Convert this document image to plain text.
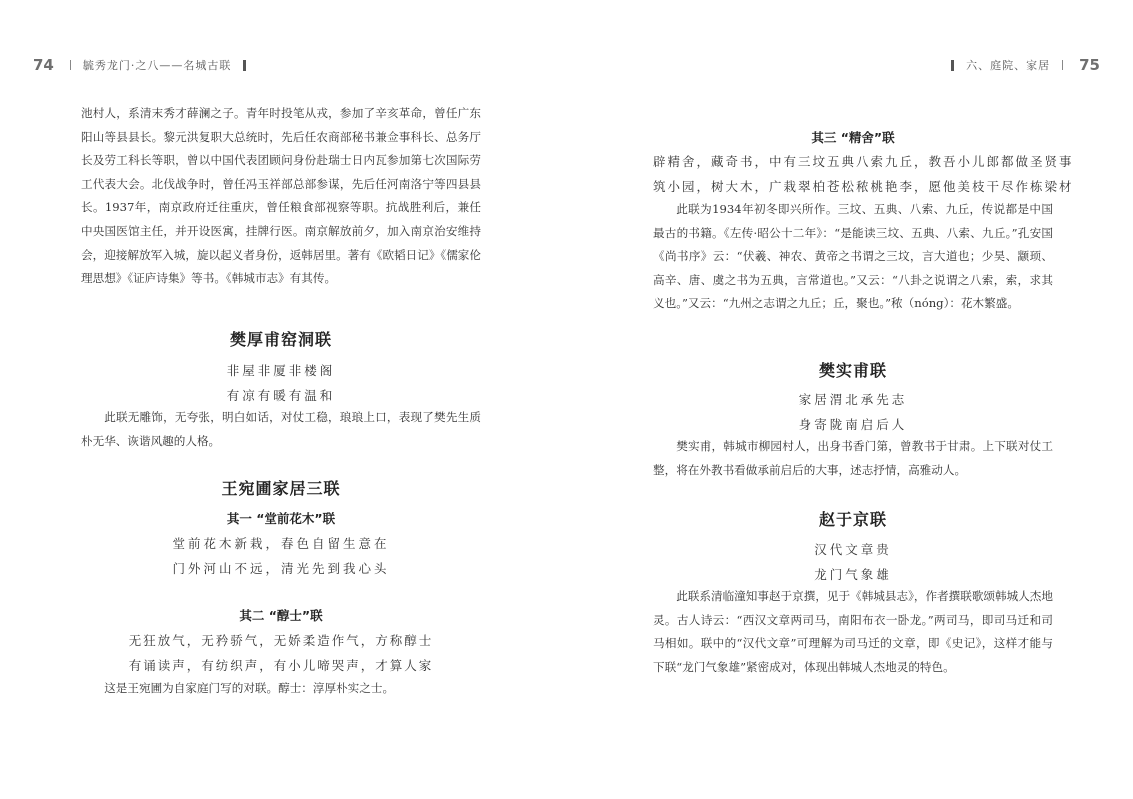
74	毓秀龙门·之八——名城古联
池村人，系清末秀才薛澜之子。青年时投笔从戎，参加了辛亥革命，曾任广东阳山等县县长。黎元洪复职大总统时，先后任农商部秘书兼佥事科长、总务厅长及劳工科长等职，曾以中国代表团顾问身份赴瑞士日内瓦参加第七次国际劳工代表大会。北伐战争时，曾任冯玉祥部总部参谋，先后任河南洛宁等四县县长。1937年，南京政府迁往重庆，曾任粮食部视察等职。抗战胜利后，兼任中央国医馆主任，并开设医寓，挂牌行医。南京解放前夕，加入南京治安维持会，迎接解放军入城，旋以起义者身份，返韩居里。著有《欧韬日记》《儒家伦理思想》《证庐诗集》等书。《韩城市志》有其传。
樊厚甫窑洞联
非屋非厦非楼阁
有凉有暖有温和
此联无雕饰，无夸张，明白如话，对仗工稳，琅琅上口，表现了樊先生质朴无华、诙谐风趣的人格。
王宛圃家居三联
其一 “堂前花木”联
堂前花木新栽，春色自留生意在
门外河山不远，清光先到我心头
其二 “醇士”联
无狂放气，无矜骄气，无娇柔造作气，方称醇士
有诵读声，有纺织声，有小儿啼哭声，才算人家
这是王宛圃为自家庭门写的对联。醇士：淳厚朴实之士。
六、庭院、家居 75
其三 “精舍”联
辟精舍，藏奇书，中有三坟五典八索九丘，教吾小儿郎都做圣贤事
筑小园，树大木，广栽翠柏苍松秾桃艳李，愿他美枝干尽作栋梁材
此联为1934年初冬即兴所作。三坟、五典、八索、九丘，传说都是中国最古的书籍。《左传·昭公十二年》：“是能读三坟、五典、八索、九丘。”孔安国《尚书序》云：“伏羲、神农、黄帝之书谓之三坟，言大道也；少昊、颛顼、高辛、唐、虞之书为五典，言常道也。”又云：“八卦之说谓之八索，索，求其义也。”又云：“九州之志谓之九丘；丘，聚也。”秾（nóng）：花木繁盛。
樊实甫联
家居渭北承先志
身寄陇南启后人
樊实甫，韩城市柳园村人，出身书香门第，曾教书于甘肃。上下联对仗工整，将在外教书看做承前启后的大事，述志抒情，高雅动人。
赵于京联
汉代文章贵
龙门气象雄
此联系清临潼知事赵于京撰，见于《韩城县志》，作者撰联歌颂韩城人杰地灵。古人诗云：“西汉文章两司马，南阳布衣一卧龙。”两司马，即司马迁和司马相如。联中的“汉代文章”可理解为司马迁的文章，即《史记》，这样才能与下联“龙门气象雄”紧密成对，体现出韩城人杰地灵的特色。
